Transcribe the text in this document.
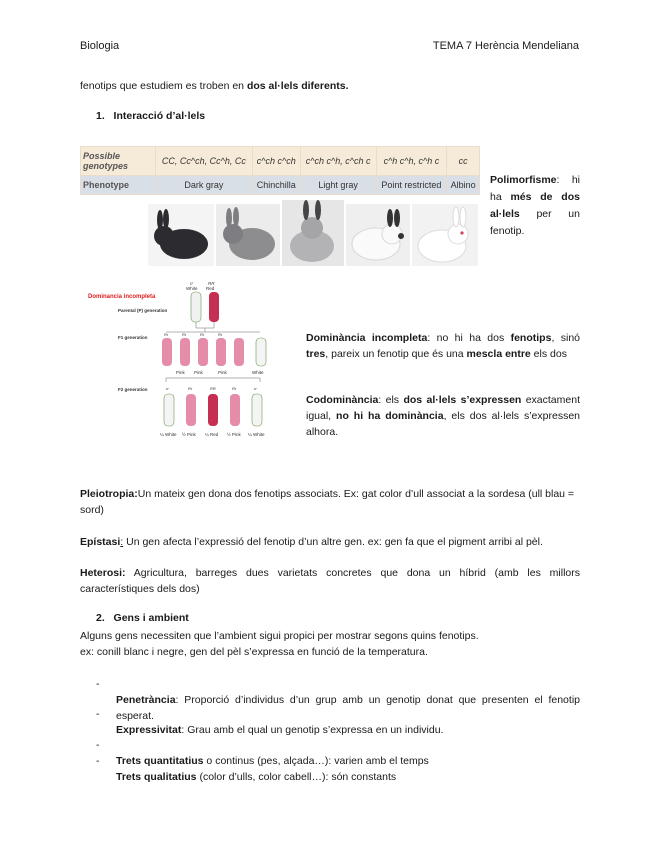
Biologia	TEMA 7 Herència Mendeliana
fenotips que estudiem es troben en dos al·lels diferents.
1. Interacció d’al·lels
Possible genotypes	CC, Cc^ch, Cc^h, Cc	c^ch c^ch	c^ch c^h, c^ch c	c^h c^h, c^h c	cc
Phenotype	Dark gray	Chinchilla	Light gray	Point restricted	Albino Polimorfisme: hi ha més de dos al·lels per un fenotip.
Dominancia incompleta
rr	RR
White Red
Parental (P) generation
F1 generation
F2 generation
Rr	Rr	Rr	Rr
Pink Pink	Pink	White
rr	Rr	RR	Rr	rr
¼ White ½ Pink ¼ Red ½ Pink ¼ White
Dominància incompleta: no hi ha dos fenotips, sinó tres, pareix un fenotip que és una mescla entre els dos
Codominància: els dos al·lels s’expressen exactament igual, no hi ha dominància, els dos al·lels s’expressen alhora.
Pleiotropia:Un mateix gen dona dos fenotips associats. Ex: gat color d’ull associat a la sordesa (ull blau = sord)
Epístasi: Un gen afecta l’expressió del fenotip d’un altre gen. ex: gen fa que el pigment arribi al pèl.
Heterosi: Agricultura, barreges dues varietats concretes que dona un híbrid (amb les millors característiques dels dos)
2. Gens i ambient
Alguns gens necessiten que l’ambient sigui propici per mostrar segons quins fenotips.
ex: conill blanc i negre, gen del pèl s’expressa en funció de la temperatura.
-
Penetrància: Proporció d’individus d’un grup amb un genotip donat que presenten el fenotip esperat.
-
Expressivitat: Grau amb el qual un genotip s’expressa en un individu.
-
Trets quantitatius o continus (pes, alçada…): varien amb el temps
-
Trets qualitatius (color d’ulls, color cabell…): són constants
